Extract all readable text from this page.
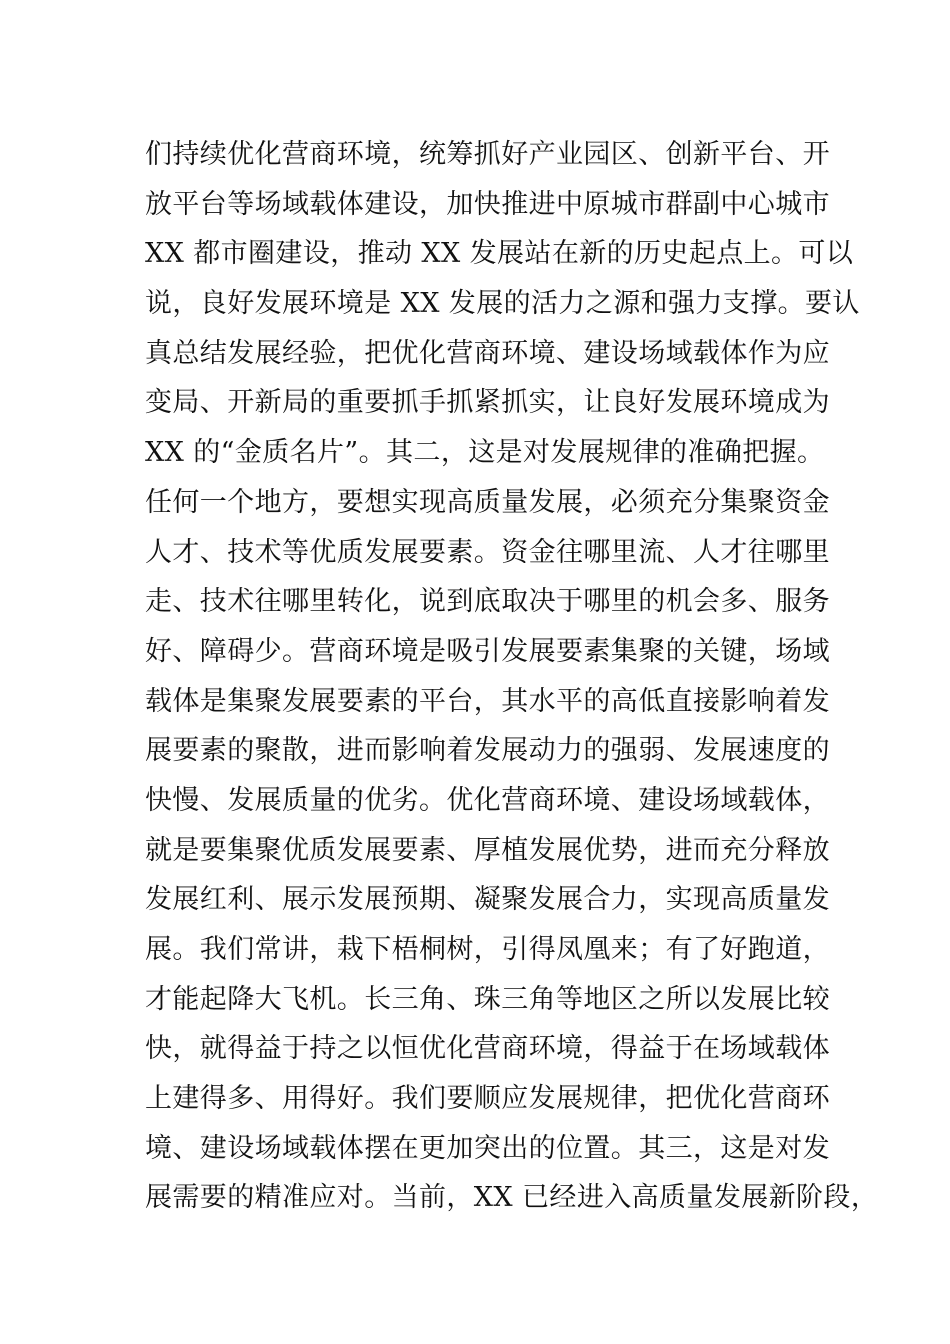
们持续优化营商环境，统筹抓好产业园区、创新平台、开
放平台等场域载体建设，加快推进中原城市群副中心城市
XX 都市圈建设，推动 XX 发展站在新的历史起点上。可以
说，良好发展环境是 XX 发展的活力之源和强力支撑。要认
真总结发展经验，把优化营商环境、建设场域载体作为应
变局、开新局的重要抓手抓紧抓实，让良好发展环境成为
XX 的“金质名片”。其二，这是对发展规律的准确把握。
任何一个地方，要想实现高质量发展，必须充分集聚资金
人才、技术等优质发展要素。资金往哪里流、人才往哪里
走、技术往哪里转化，说到底取决于哪里的机会多、服务
好、障碍少。营商环境是吸引发展要素集聚的关键，场域
载体是集聚发展要素的平台，其水平的高低直接影响着发
展要素的聚散，进而影响着发展动力的强弱、发展速度的
快慢、发展质量的优劣。优化营商环境、建设场域载体，
就是要集聚优质发展要素、厚植发展优势，进而充分释放
发展红利、展示发展预期、凝聚发展合力，实现高质量发
展。我们常讲，栽下梧桐树，引得凤凰来；有了好跑道，
才能起降大飞机。长三角、珠三角等地区之所以发展比较
快，就得益于持之以恒优化营商环境，得益于在场域载体
上建得多、用得好。我们要顺应发展规律，把优化营商环
境、建设场域载体摆在更加突出的位置。其三，这是对发
展需要的精准应对。当前，XX 已经进入高质量发展新阶段，
